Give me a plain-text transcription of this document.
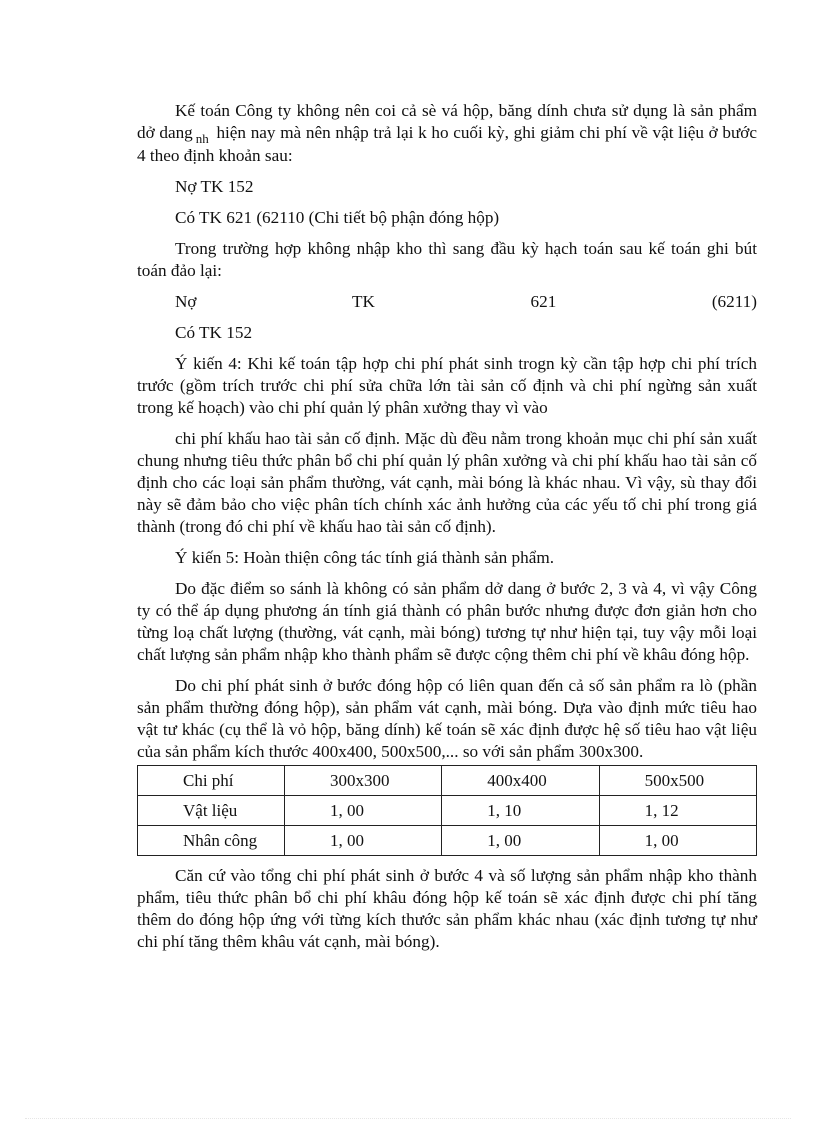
Kế toán Công ty không nên coi cả sè vá hộp, băng dính chưa sử dụng là sản phẩm dở dang $_{nh}$ hiện nay mà nên nhập trả lại k ho cuối kỳ, ghi giảm chi phí về vật liệu ở bước 4 theo định khoản sau:

Nợ TK 152
Có TK 621 (62110 (Chi tiết bộ phận đóng hộp)

Trong trường hợp không nhập kho thì sang đầu kỳ hạch toán sau kế toán ghi bút toán đảo lại:

Nợ	TK	621	(6211)
Có TK 152

Ý kiến 4: Khi kế toán tập hợp chi phí phát sinh trogn kỳ cần tập hợp chi phí trích trước (gồm trích trước chi phí sửa chữa lớn tài sản cố định và chi phí ngừng sản xuất trong kế hoạch) vào chi phí quản lý phân xưởng thay vì vào

chi phí khấu hao tài sản cố định. Mặc dù đều nằm trong khoản mục chi phí sản xuất chung nhưng tiêu thức phân bổ chi phí quản lý phân xưởng và chi phí khấu hao tài sản cố định cho các loại sản phẩm thường, vát cạnh, mài bóng là khác nhau. Vì vậy, sù thay đổi này sẽ đảm bảo cho việc phân tích chính xác ảnh hưởng của các yếu tố chi phí trong giá thành (trong đó chi phí về khấu hao tài sản cố định).

Ý kiến 5: Hoàn thiện công tác tính giá thành sản phẩm.

Do đặc điểm so sánh là không có sản phẩm dở dang ở bước 2, 3 và 4, vì vậy Công ty có thể áp dụng phương án tính giá thành có phân bước nhưng được đơn giản hơn cho từng loạ chất lượng (thường, vát cạnh, mài bóng) tương tự như hiện tại, tuy vậy mỗi loại chất lượng sản phẩm nhập kho thành phẩm sẽ được cộng thêm chi phí về khâu đóng hộp.

Do chi phí phát sinh ở bước đóng hộp có liên quan đến cả số sản phẩm ra lò (phần sản phẩm thường đóng hộp), sản phẩm vát cạnh, mài bóng. Dựa vào định mức tiêu hao vật tư khác (cụ thể là vỏ hộp, băng dính) kế toán sẽ xác định được hệ số tiêu hao vật liệu của sản phẩm kích thước 400x400, 500x500,... so với sản phẩm 300x300.

Chi phí	300x300	400x400	500x500
Vật liệu	1, 00	1, 10	1, 12
Nhân công	1, 00	1, 00	1, 00

Căn cứ vào tổng chi phí phát sinh ở bước 4 và số lượng sản phẩm nhập kho thành phẩm, tiêu thức phân bổ chi phí khâu đóng hộp kế toán sẽ xác định được chi phí tăng thêm do đóng hộp ứng với từng kích thước sản phẩm khác nhau (xác định tương tự như chi phí tăng thêm khâu vát cạnh, mài bóng).
